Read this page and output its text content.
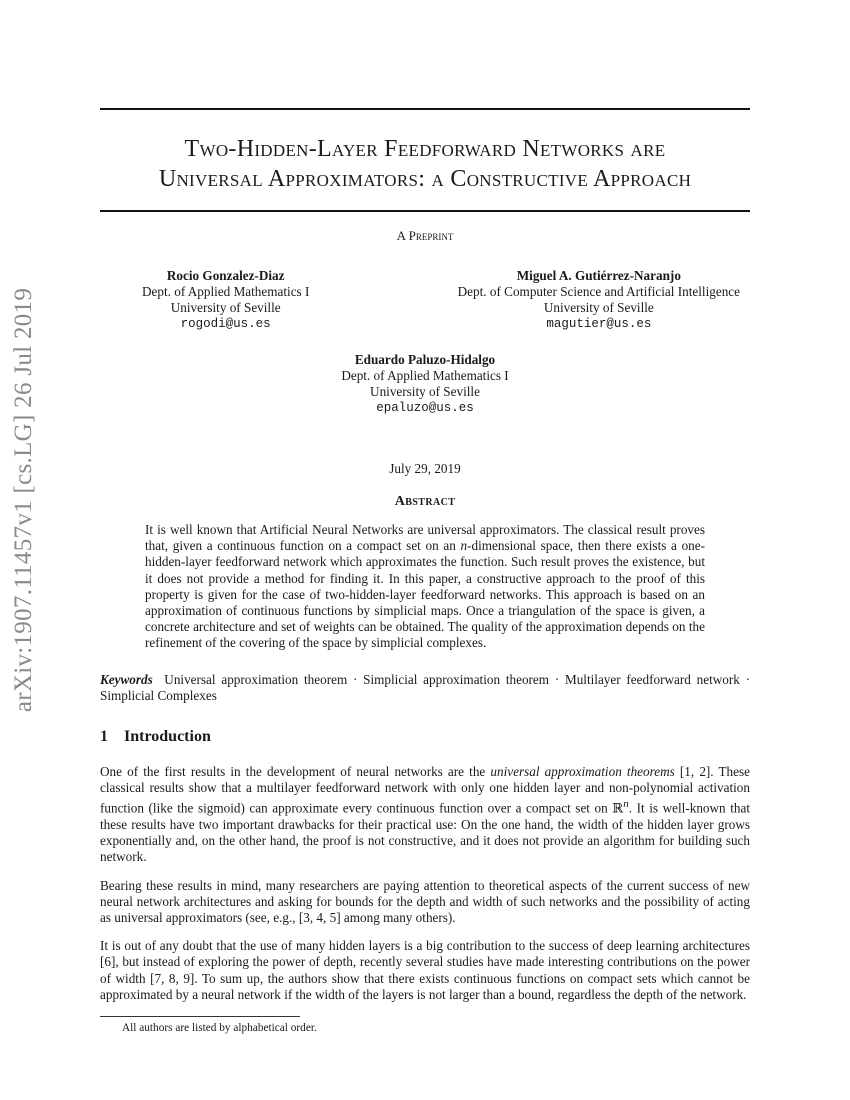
arXiv:1907.11457v1 [cs.LG] 26 Jul 2019
Two-Hidden-Layer Feedforward Networks are
Universal Approximators: a Constructive Approach
A Preprint
Rocio Gonzalez-Diaz
Dept. of Applied Mathematics I
University of Seville
rogodi@us.es
Miguel A. Gutiérrez-Naranjo
Dept. of Computer Science and Artificial Intelligence
University of Seville
magutier@us.es
Eduardo Paluzo-Hidalgo
Dept. of Applied Mathematics I
University of Seville
epaluzo@us.es
July 29, 2019
Abstract
It is well known that Artificial Neural Networks are universal approximators. The classical result proves that, given a continuous function on a compact set on an n-dimensional space, then there exists a one-hidden-layer feedforward network which approximates the function. Such result proves the existence, but it does not provide a method for finding it. In this paper, a constructive approach to the proof of this property is given for the case of two-hidden-layer feedforward networks. This approach is based on an approximation of continuous functions by simplicial maps. Once a triangulation of the space is given, a concrete architecture and set of weights can be obtained. The quality of the approximation depends on the refinement of the covering of the space by simplicial complexes.
Keywords Universal approximation theorem · Simplicial approximation theorem · Multilayer feedforward network · Simplicial Complexes
1 Introduction
One of the first results in the development of neural networks are the universal approximation theorems [1, 2]. These classical results show that a multilayer feedforward network with only one hidden layer and non-polynomial activation function (like the sigmoid) can approximate every continuous function over a compact set on ℝ$^n$. It is well-known that these results have two important drawbacks for their practical use: On the one hand, the width of the hidden layer grows exponentially and, on the other hand, the proof is not constructive, and it does not provide an algorithm for building such network.
Bearing these results in mind, many researchers are paying attention to theoretical aspects of the current success of new neural network architectures and asking for bounds for the depth and width of such networks and the possibility of acting as universal approximators (see, e.g., [3, 4, 5] among many others).
It is out of any doubt that the use of many hidden layers is a big contribution to the success of deep learning architectures [6], but instead of exploring the power of depth, recently several studies have made interesting contributions on the power of width [7, 8, 9]. To sum up, the authors show that there exists continuous functions on compact sets which cannot be approximated by a neural network if the width of the layers is not larger than a bound, regardless the depth of the network.
All authors are listed by alphabetical order.
